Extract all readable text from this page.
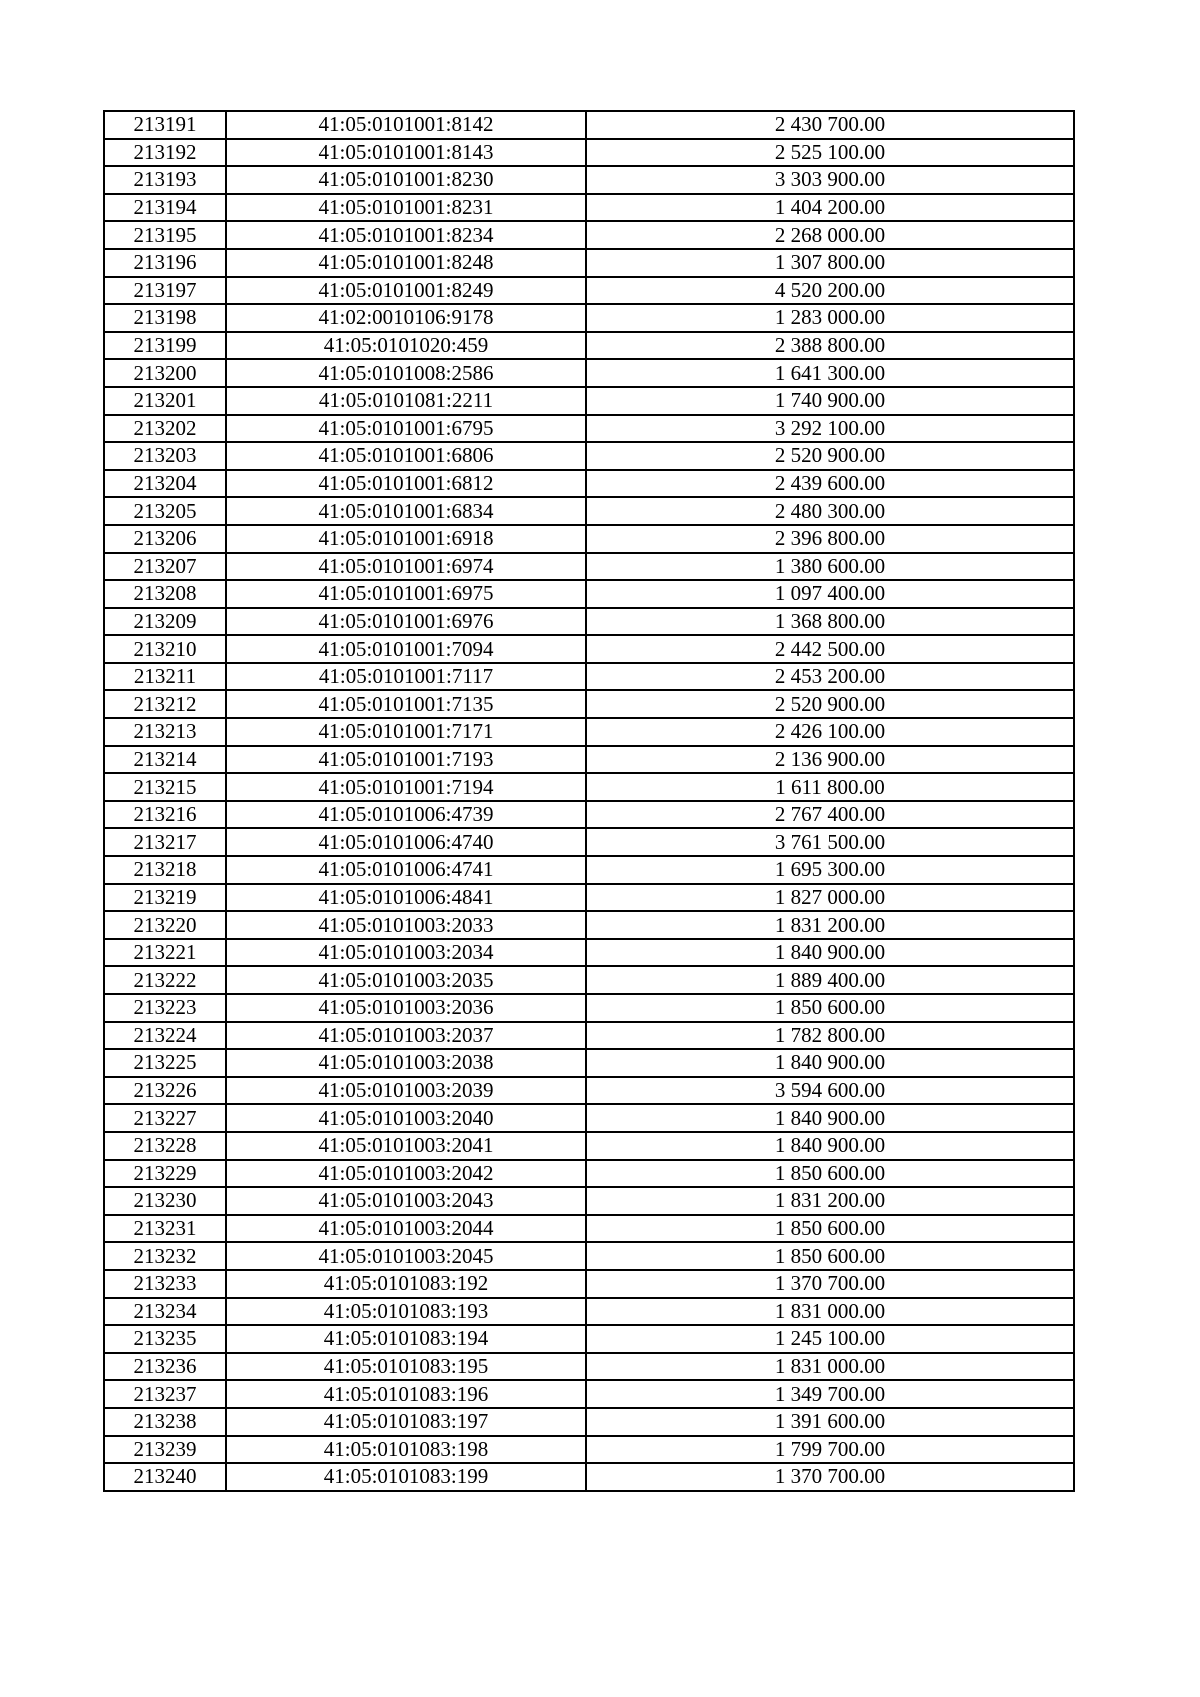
213191	41:05:0101001:8142	2 430 700.00
213192	41:05:0101001:8143	2 525 100.00
213193	41:05:0101001:8230	3 303 900.00
213194	41:05:0101001:8231	1 404 200.00
213195	41:05:0101001:8234	2 268 000.00
213196	41:05:0101001:8248	1 307 800.00
213197	41:05:0101001:8249	4 520 200.00
213198	41:02:0010106:9178	1 283 000.00
213199	41:05:0101020:459	2 388 800.00
213200	41:05:0101008:2586	1 641 300.00
213201	41:05:0101081:2211	1 740 900.00
213202	41:05:0101001:6795	3 292 100.00
213203	41:05:0101001:6806	2 520 900.00
213204	41:05:0101001:6812	2 439 600.00
213205	41:05:0101001:6834	2 480 300.00
213206	41:05:0101001:6918	2 396 800.00
213207	41:05:0101001:6974	1 380 600.00
213208	41:05:0101001:6975	1 097 400.00
213209	41:05:0101001:6976	1 368 800.00
213210	41:05:0101001:7094	2 442 500.00
213211	41:05:0101001:7117	2 453 200.00
213212	41:05:0101001:7135	2 520 900.00
213213	41:05:0101001:7171	2 426 100.00
213214	41:05:0101001:7193	2 136 900.00
213215	41:05:0101001:7194	1 611 800.00
213216	41:05:0101006:4739	2 767 400.00
213217	41:05:0101006:4740	3 761 500.00
213218	41:05:0101006:4741	1 695 300.00
213219	41:05:0101006:4841	1 827 000.00
213220	41:05:0101003:2033	1 831 200.00
213221	41:05:0101003:2034	1 840 900.00
213222	41:05:0101003:2035	1 889 400.00
213223	41:05:0101003:2036	1 850 600.00
213224	41:05:0101003:2037	1 782 800.00
213225	41:05:0101003:2038	1 840 900.00
213226	41:05:0101003:2039	3 594 600.00
213227	41:05:0101003:2040	1 840 900.00
213228	41:05:0101003:2041	1 840 900.00
213229	41:05:0101003:2042	1 850 600.00
213230	41:05:0101003:2043	1 831 200.00
213231	41:05:0101003:2044	1 850 600.00
213232	41:05:0101003:2045	1 850 600.00
213233	41:05:0101083:192	1 370 700.00
213234	41:05:0101083:193	1 831 000.00
213235	41:05:0101083:194	1 245 100.00
213236	41:05:0101083:195	1 831 000.00
213237	41:05:0101083:196	1 349 700.00
213238	41:05:0101083:197	1 391 600.00
213239	41:05:0101083:198	1 799 700.00
213240	41:05:0101083:199	1 370 700.00
